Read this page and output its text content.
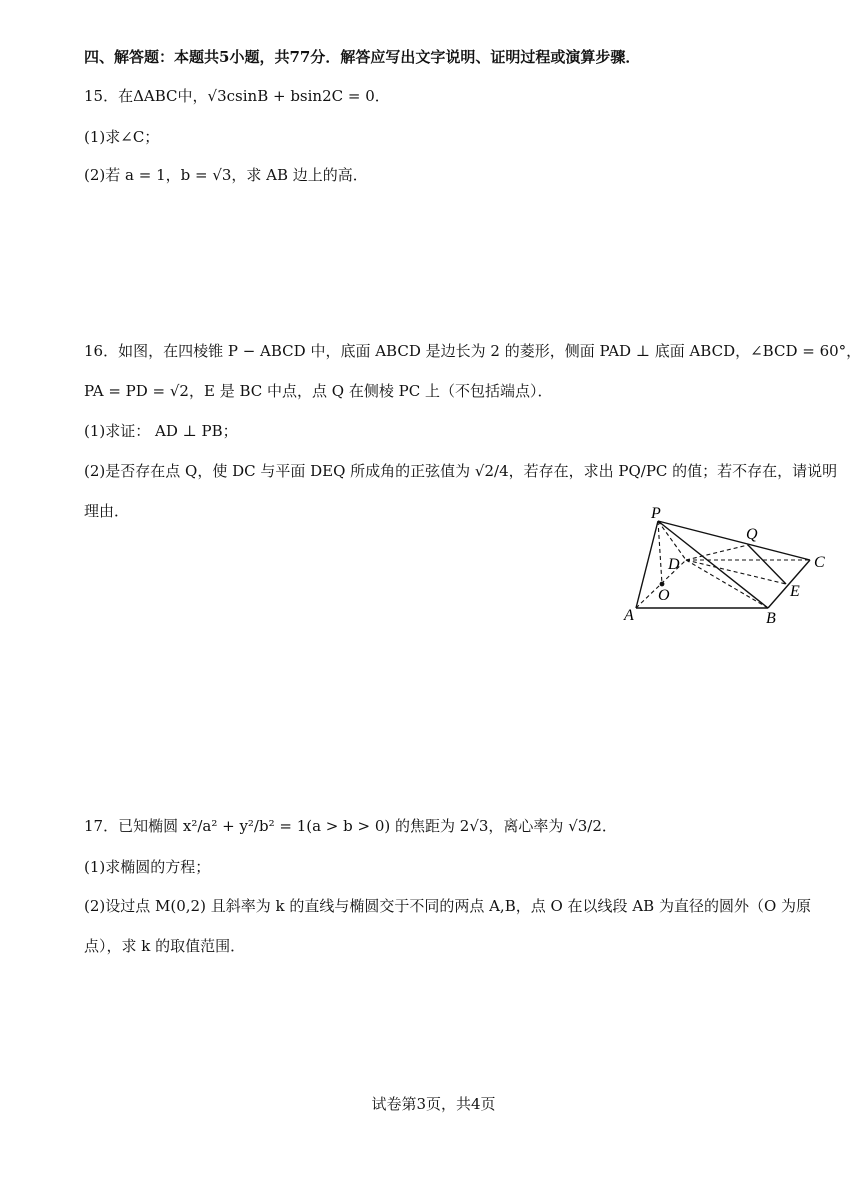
四、解答题：本题共5小题，共77分．解答应写出文字说明、证明过程或演算步骤．
15．在ΔABC中，√3csinB + bsin2C = 0．
(1)求∠C；
(2)若 a = 1，b = √3，求 AB 边上的高．
16．如图，在四棱锥 P − ABCD 中，底面 ABCD 是边长为 2 的菱形，侧面 PAD ⊥ 底面 ABCD，∠BCD = 60°，
PA = PD = √2，E 是 BC 中点，点 Q 在侧棱 PC 上（不包括端点）．
(1)求证： AD ⊥ PB；
(2)是否存在点 Q，使 DC 与平面 DEQ 所成角的正弦值为 √2/4，若存在，求出 PQ/PC 的值；若不存在，请说明
理由．	P
Q
D	C
O	E
A	B
17．已知椭圆 x²/a² + y²/b² = 1(a > b > 0) 的焦距为 2√3，离心率为 √3/2．
(1)求椭圆的方程；
(2)设过点 M(0,2) 且斜率为 k 的直线与椭圆交于不同的两点 A,B，点 O 在以线段 AB 为直径的圆外（O 为原
点），求 k 的取值范围．
试卷第3页，共4页
